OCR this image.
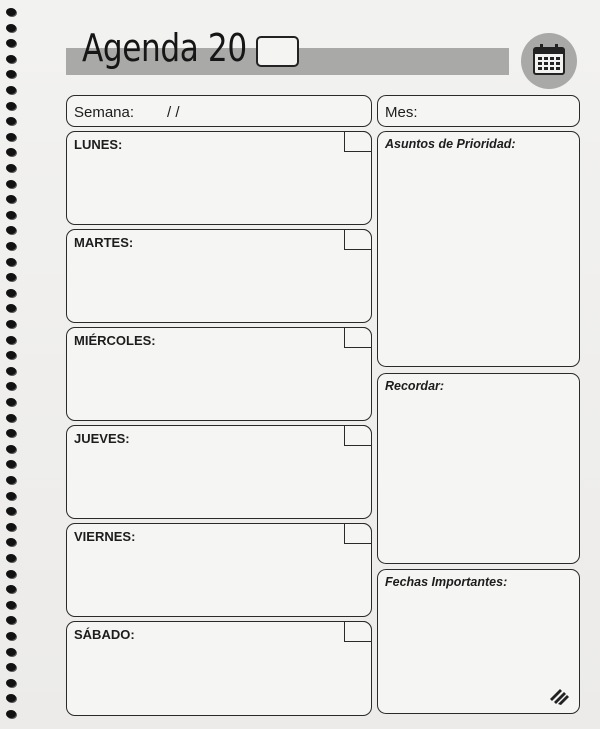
Agenda 20
Semana: / /	Mes:
LUNES:
MARTES:
MIÉRCOLES:
JUEVES:
VIERNES:
SÁBADO:
Asuntos de Prioridad:
Recordar:
Fechas Importantes:
